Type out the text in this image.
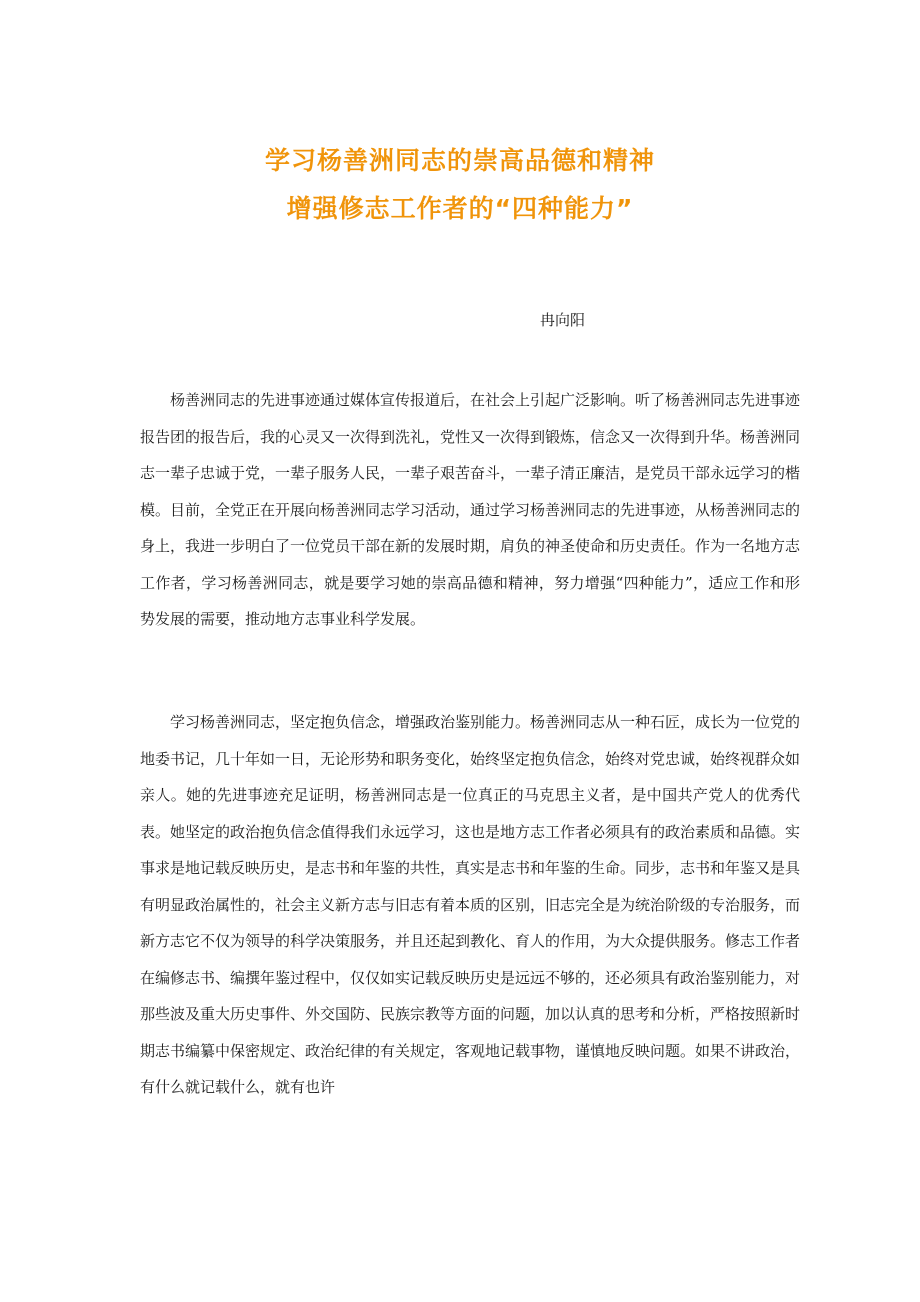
学习杨善洲同志的崇高品德和精神
增强修志工作者的“四种能力”
冉向阳

杨善洲同志的先进事迹通过媒体宣传报道后，在社会上引起广泛影响。听了杨善洲同志先进事迹报告团的报告后，我的心灵又一次得到洗礼，党性又一次得到锻炼，信念又一次得到升华。杨善洲同志一辈子忠诚于党，一辈子服务人民，一辈子艰苦奋斗，一辈子清正廉洁，是党员干部永远学习的楷模。目前，全党正在开展向杨善洲同志学习活动，通过学习杨善洲同志的先进事迹，从杨善洲同志的身上，我进一步明白了一位党员干部在新的发展时期，肩负的神圣使命和历史责任。作为一名地方志工作者，学习杨善洲同志，就是要学习她的崇高品德和精神，努力增强“四种能力”，适应工作和形势发展的需要，推动地方志事业科学发展。

学习杨善洲同志，坚定抱负信念，增强政治鉴别能力。杨善洲同志从一种石匠，成长为一位党的地委书记，几十年如一日，无论形势和职务变化，始终坚定抱负信念，始终对党忠诚，始终视群众如亲人。她的先进事迹充足证明，杨善洲同志是一位真正的马克思主义者，是中国共产党人的优秀代表。她坚定的政治抱负信念值得我们永远学习，这也是地方志工作者必须具有的政治素质和品德。实事求是地记载反映历史，是志书和年鉴的共性，真实是志书和年鉴的生命。同步，志书和年鉴又是具有明显政治属性的，社会主义新方志与旧志有着本质的区别，旧志完全是为统治阶级的专治服务，而新方志它不仅为领导的科学决策服务，并且还起到教化、育人的作用，为大众提供服务。修志工作者在编修志书、编撰年鉴过程中，仅仅如实记载反映历史是远远不够的，还必须具有政治鉴别能力，对那些波及重大历史事件、外交国防、民族宗教等方面的问题，加以认真的思考和分析，严格按照新时期志书编纂中保密规定、政治纪律的有关规定，客观地记载事物，谨慎地反映问题。如果不讲政治，有什么就记载什么，就有也许
